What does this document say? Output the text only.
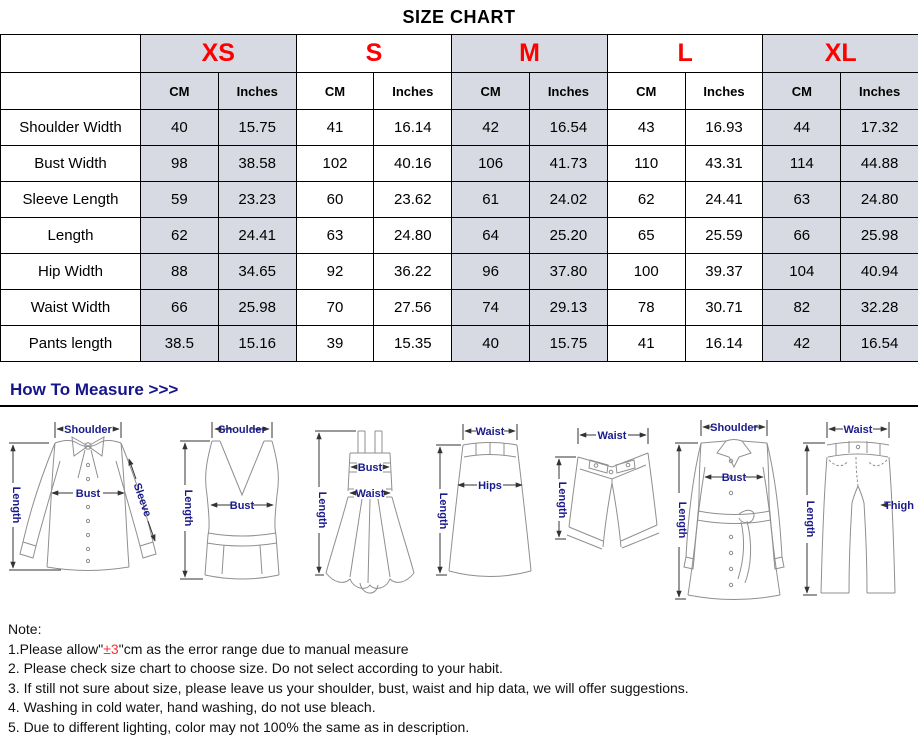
SIZE CHART
	XS		S		M		L		XL	
	CM	Inches	CM	Inches	CM	Inches	CM	Inches	CM	Inches
Shoulder Width	40	15.75	41	16.14	42	16.54	43	16.93	44	17.32
Bust Width	98	38.58	102	40.16	106	41.73	110	43.31	114	44.88
Sleeve Length	59	23.23	60	23.62	61	24.02	62	24.41	63	24.80
Length	62	24.41	63	24.80	64	25.20	65	25.59	66	25.98
Hip Width	88	34.65	92	36.22	96	37.80	100	39.37	104	40.94
Waist Width	66	25.98	70	27.56	74	29.13	78	30.71	82	32.28
Pants length	38.5	15.16	39	15.35	40	15.75	41	16.14	42	16.54
How To Measure >>>
Shoulder
Length	Bust	Sleeve
Shoulder
Bust
Length
Bust
Waist
Length
Waist
Hips
Length
Waist
Length
Shoulder
Bust
Length
Waist
Thigh
Length
Note:
1.Please allow"±3"cm as the error range due to manual measure
2. Please check size chart to choose size. Do not select according to your habit.
3. If still not sure about size, please leave us your shoulder, bust, waist and hip data, we will offer suggestions.
4. Washing in cold water, hand washing, do not use bleach.
5. Due to different lighting, color may not 100% the same as in description.
